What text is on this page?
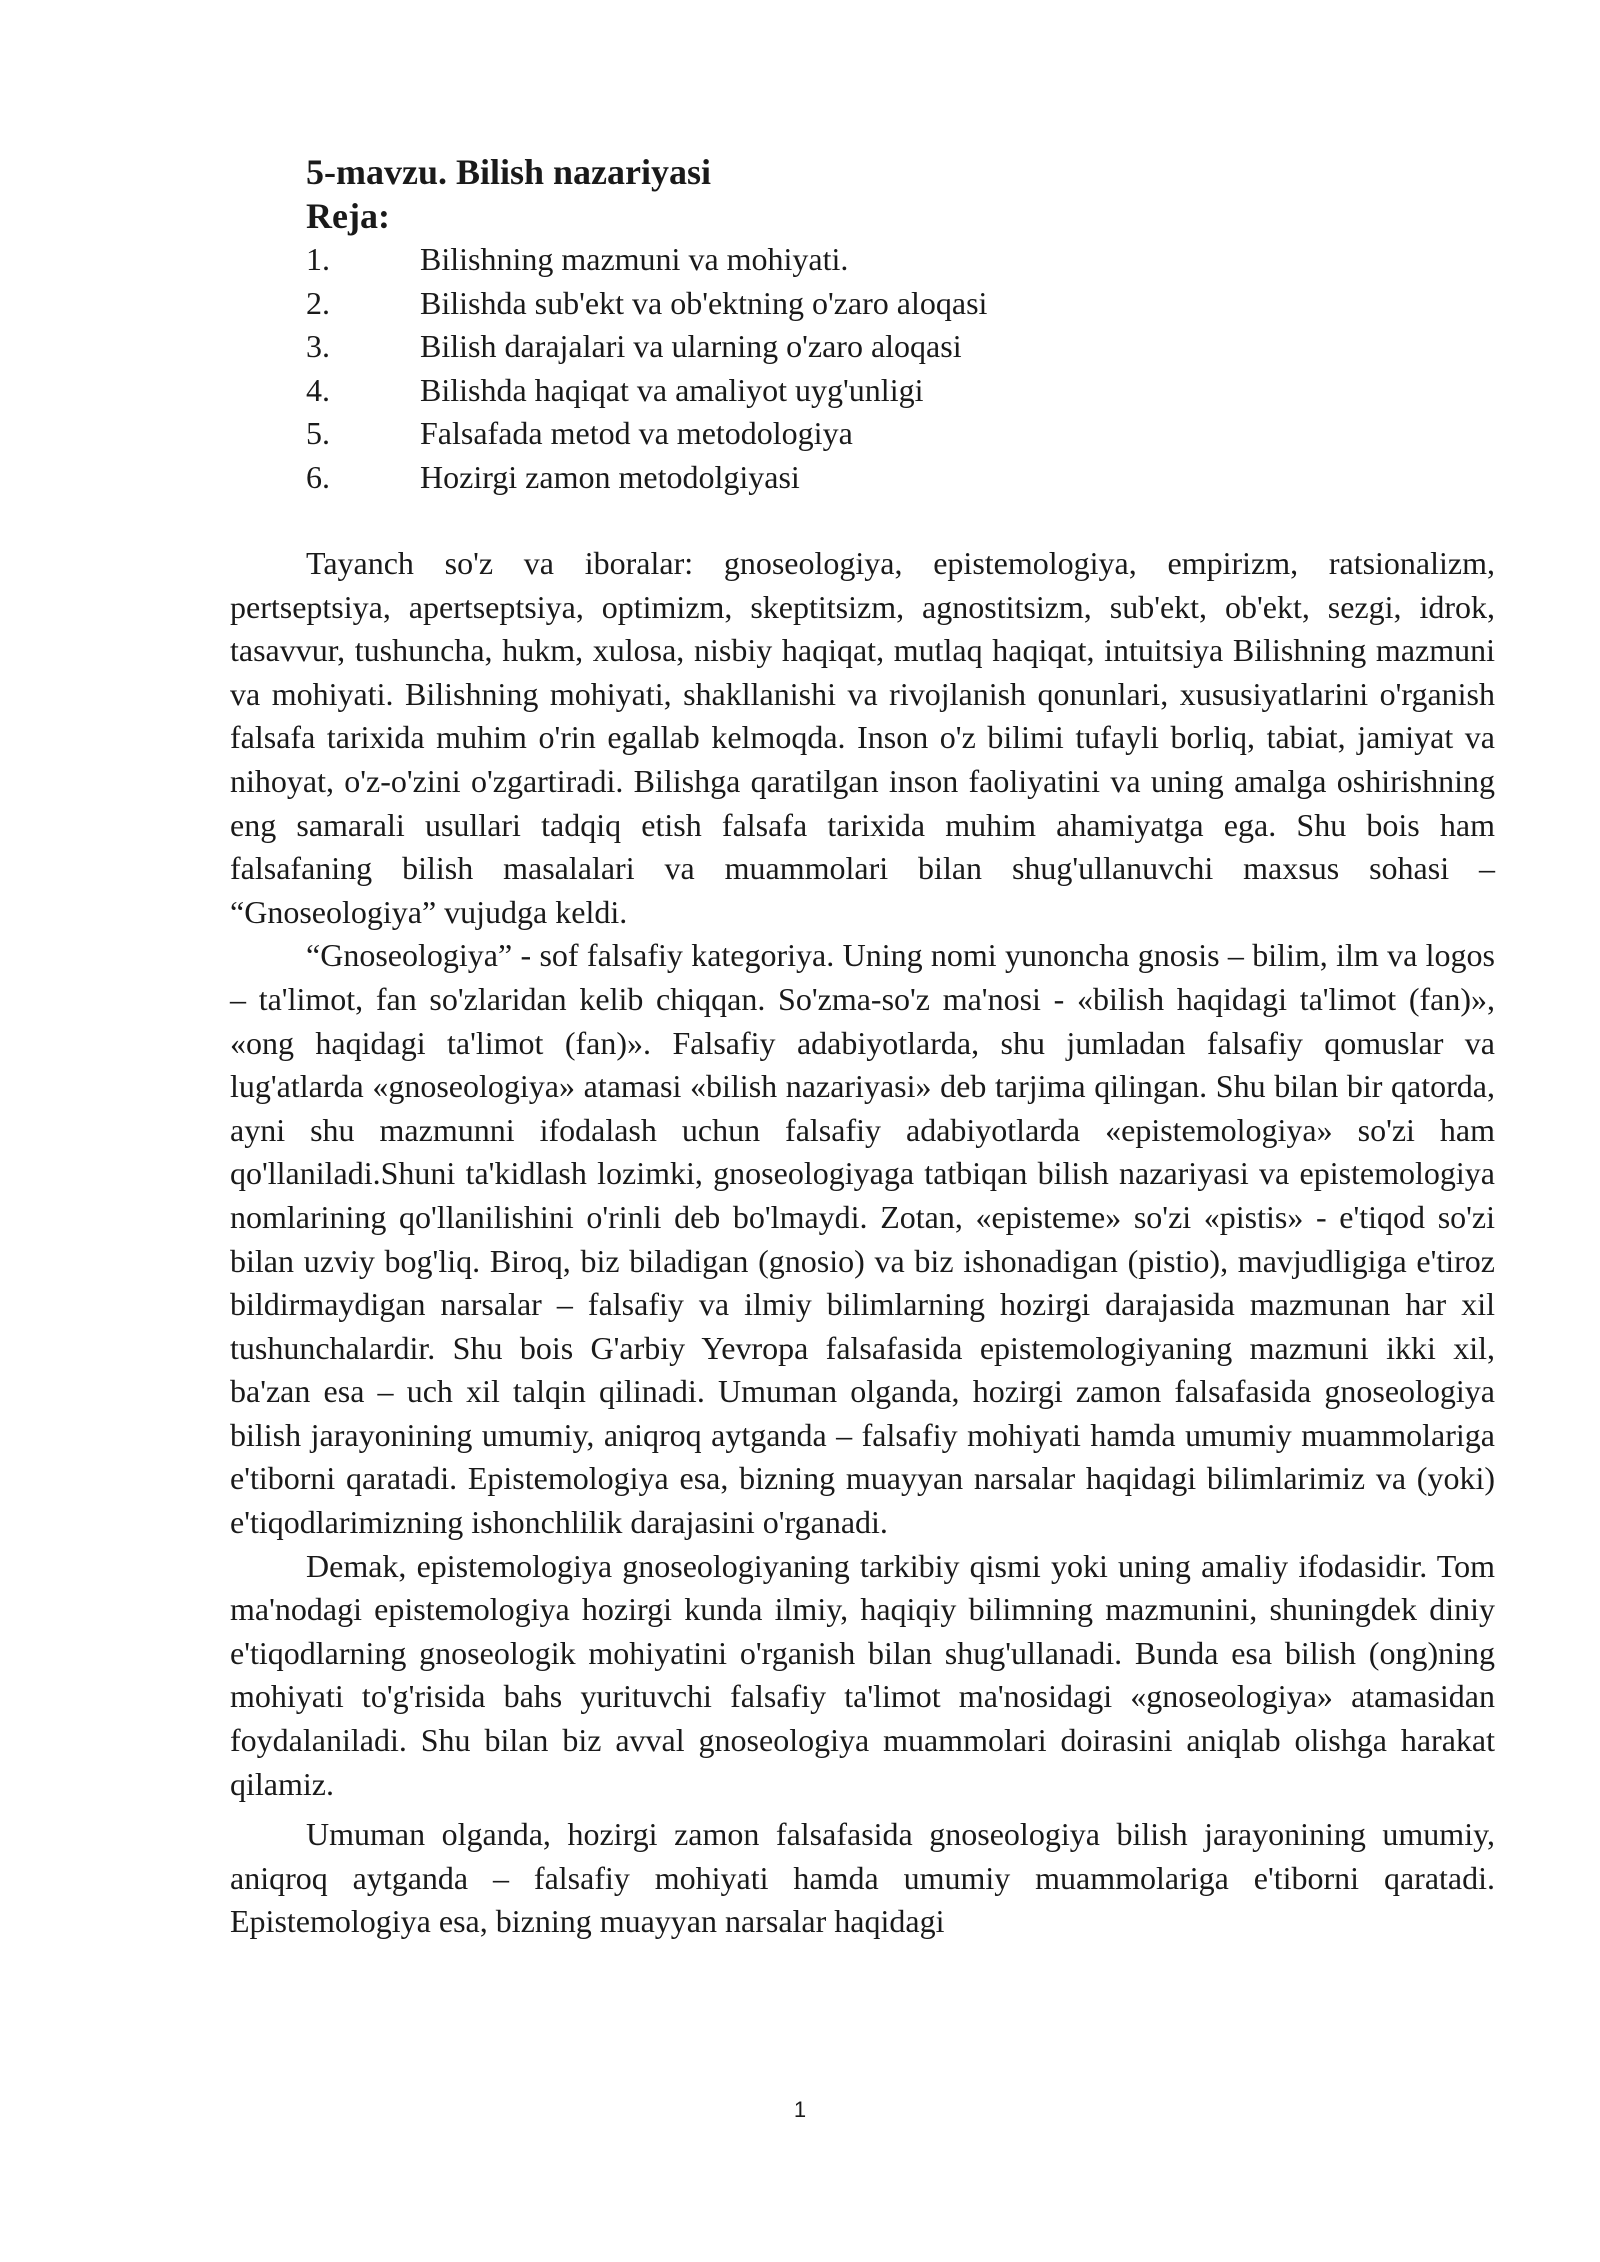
5-mavzu. Bilish nazariyasi
Reja:
1.	Bilishning mazmuni va mohiyati.
2.	Bilishda sub'ekt va ob'ektning o'zaro aloqasi
3.	Bilish darajalari va ularning o'zaro aloqasi
4.	Bilishda haqiqat va amaliyot uyg'unligi
5.	Falsafada metod va metodologiya
6.	Hozirgi zamon metodolgiyasi

Tayanch so'z va iboralar: gnoseologiya, epistemologiya, empirizm, ratsionalizm, pertseptsiya, apertseptsiya, optimizm, skeptitsizm, agnostitsizm, sub'ekt, ob'ekt, sezgi, idrok, tasavvur, tushuncha, hukm, xulosa, nisbiy haqiqat, mutlaq haqiqat, intuitsiya Bilishning mazmuni va mohiyati. Bilishning mohiyati, shakllanishi va rivojlanish qonunlari, xususiyatlarini o'rganish falsafa tarixida muhim o'rin egallab kelmoqda. Inson o'z bilimi tufayli borliq, tabiat, jamiyat va nihoyat, o'z-o'zini o'zgartiradi. Bilishga qaratilgan inson faoliyatini va uning amalga oshirishning eng samarali usullari tadqiq etish falsafa tarixida muhim ahamiyatga ega. Shu bois ham falsafaning bilish masalalari va muammolari bilan shug'ullanuvchi maxsus sohasi – “Gnoseologiya” vujudga keldi.

“Gnoseologiya” - sof falsafiy kategoriya. Uning nomi yunoncha gnosis – bilim, ilm va logos – ta'limot, fan so'zlaridan kelib chiqqan. So'zma-so'z ma'nosi - «bilish haqidagi ta'limot (fan)», «ong haqidagi ta'limot (fan)». Falsafiy adabiyotlarda, shu jumladan falsafiy qomuslar va lug'atlarda «gnoseologiya» atamasi «bilish nazariyasi» deb tarjima qilingan. Shu bilan bir qatorda, ayni shu mazmunni ifodalash uchun falsafiy adabiyotlarda «epistemologiya» so'zi ham qo'llaniladi.Shuni ta'kidlash lozimki, gnoseologiyaga tatbiqan bilish nazariyasi va epistemologiya nomlarining qo'llanilishini o'rinli deb bo'lmaydi. Zotan, «episteme» so'zi «pistis» - e'tiqod so'zi bilan uzviy bog'liq. Biroq, biz biladigan (gnosio) va biz ishonadigan (pistio), mavjudligiga e'tiroz bildirmaydigan narsalar – falsafiy va ilmiy bilimlarning hozirgi darajasida mazmunan har xil tushunchalardir. Shu bois G'arbiy Yevropa falsafasida epistemologiyaning mazmuni ikki xil, ba'zan esa – uch xil talqin qilinadi. Umuman olganda, hozirgi zamon falsafasida gnoseologiya bilish jarayonining umumiy, aniqroq aytganda – falsafiy mohiyati hamda umumiy muammolariga e'tiborni qaratadi. Epistemologiya esa, bizning muayyan narsalar haqidagi bilimlarimiz va (yoki) e'tiqodlarimizning ishonchlilik darajasini o'rganadi.

Demak, epistemologiya gnoseologiyaning tarkibiy qismi yoki uning amaliy ifodasidir. Tom ma'nodagi epistemologiya hozirgi kunda ilmiy, haqiqiy bilimning mazmunini, shuningdek diniy e'tiqodlarning gnoseologik mohiyatini o'rganish bilan shug'ullanadi. Bunda esa bilish (ong)ning mohiyati to'g'risida bahs yurituvchi falsafiy ta'limot ma'nosidagi «gnoseologiya» atamasidan foydalaniladi. Shu bilan biz avval gnoseologiya muammolari doirasini aniqlab olishga harakat qilamiz.

Umuman olganda, hozirgi zamon falsafasida gnoseologiya bilish jarayonining umumiy, aniqroq aytganda – falsafiy mohiyati hamda umumiy muammolariga e'tiborni qaratadi. Epistemologiya esa, bizning muayyan narsalar haqidagi

1
